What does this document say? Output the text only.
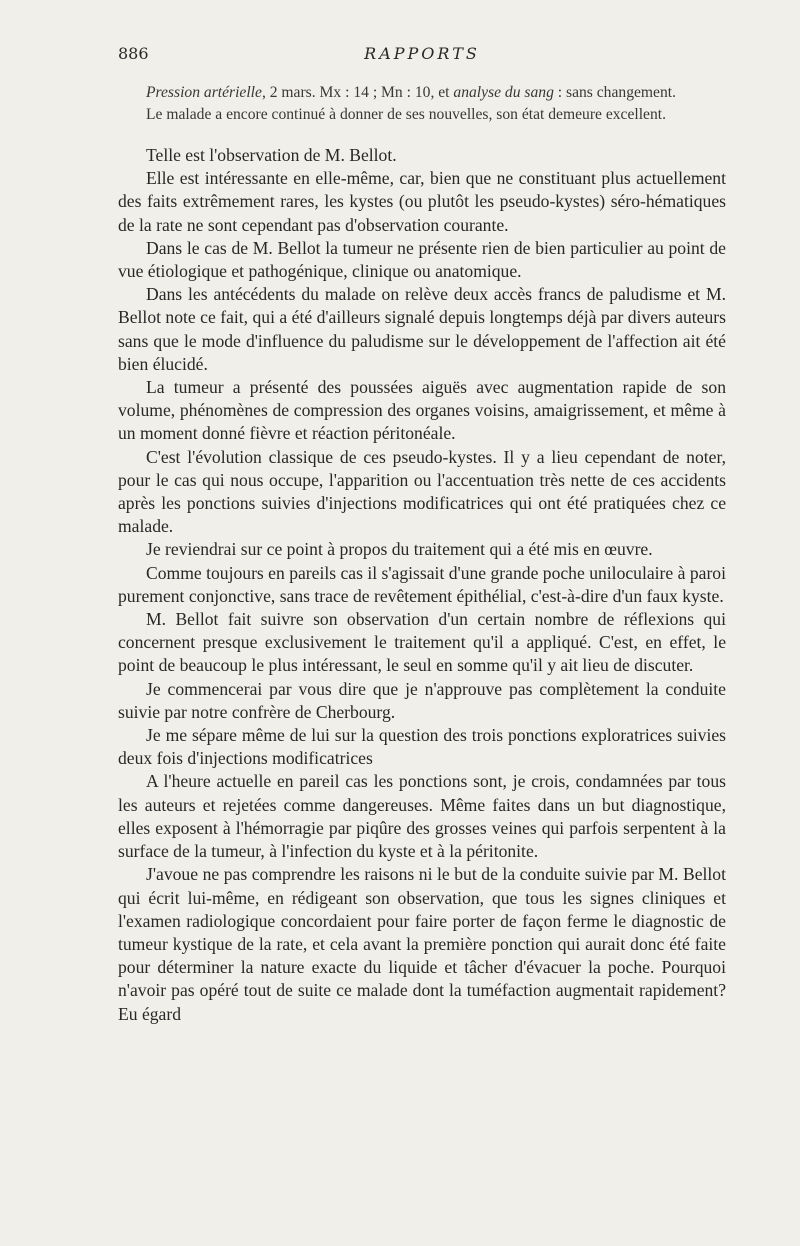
886	RAPPORTS

Pression artérielle, 2 mars. Mx : 14 ; Mn : 10, et analyse du sang : sans changement.

Le malade a encore continué à donner de ses nouvelles, son état demeure excellent.

Telle est l'observation de M. Bellot.

Elle est intéressante en elle-même, car, bien que ne constituant plus actuellement des faits extrêmement rares, les kystes (ou plutôt les pseudo-kystes) séro-hématiques de la rate ne sont cependant pas d'observation courante.

Dans le cas de M. Bellot la tumeur ne présente rien de bien particulier au point de vue étiologique et pathogénique, clinique ou anatomique.

Dans les antécédents du malade on relève deux accès francs de paludisme et M. Bellot note ce fait, qui a été d'ailleurs signalé depuis longtemps déjà par divers auteurs sans que le mode d'influence du paludisme sur le développement de l'affection ait été bien élucidé.

La tumeur a présenté des poussées aiguës avec augmentation rapide de son volume, phénomènes de compression des organes voisins, amaigrissement, et même à un moment donné fièvre et réaction péritonéale.

C'est l'évolution classique de ces pseudo-kystes. Il y a lieu cependant de noter, pour le cas qui nous occupe, l'apparition ou l'accentuation très nette de ces accidents après les ponctions suivies d'injections modificatrices qui ont été pratiquées chez ce malade.

Je reviendrai sur ce point à propos du traitement qui a été mis en œuvre.

Comme toujours en pareils cas il s'agissait d'une grande poche uniloculaire à paroi purement conjonctive, sans trace de revêtement épithélial, c'est-à-dire d'un faux kyste.

M. Bellot fait suivre son observation d'un certain nombre de réflexions qui concernent presque exclusivement le traitement qu'il a appliqué. C'est, en effet, le point de beaucoup le plus intéressant, le seul en somme qu'il y ait lieu de discuter.

Je commencerai par vous dire que je n'approuve pas complètement la conduite suivie par notre confrère de Cherbourg.

Je me sépare même de lui sur la question des trois ponctions exploratrices suivies deux fois d'injections modificatrices

A l'heure actuelle en pareil cas les ponctions sont, je crois, condamnées par tous les auteurs et rejetées comme dangereuses. Même faites dans un but diagnostique, elles exposent à l'hémorragie par piqûre des grosses veines qui parfois serpentent à la surface de la tumeur, à l'infection du kyste et à la péritonite.

J'avoue ne pas comprendre les raisons ni le but de la conduite suivie par M. Bellot qui écrit lui-même, en rédigeant son observation, que tous les signes cliniques et l'examen radiologique concordaient pour faire porter de façon ferme le diagnostic de tumeur kystique de la rate, et cela avant la première ponction qui aurait donc été faite pour déterminer la nature exacte du liquide et tâcher d'évacuer la poche. Pourquoi n'avoir pas opéré tout de suite ce malade dont la tuméfaction augmentait rapidement? Eu égard
